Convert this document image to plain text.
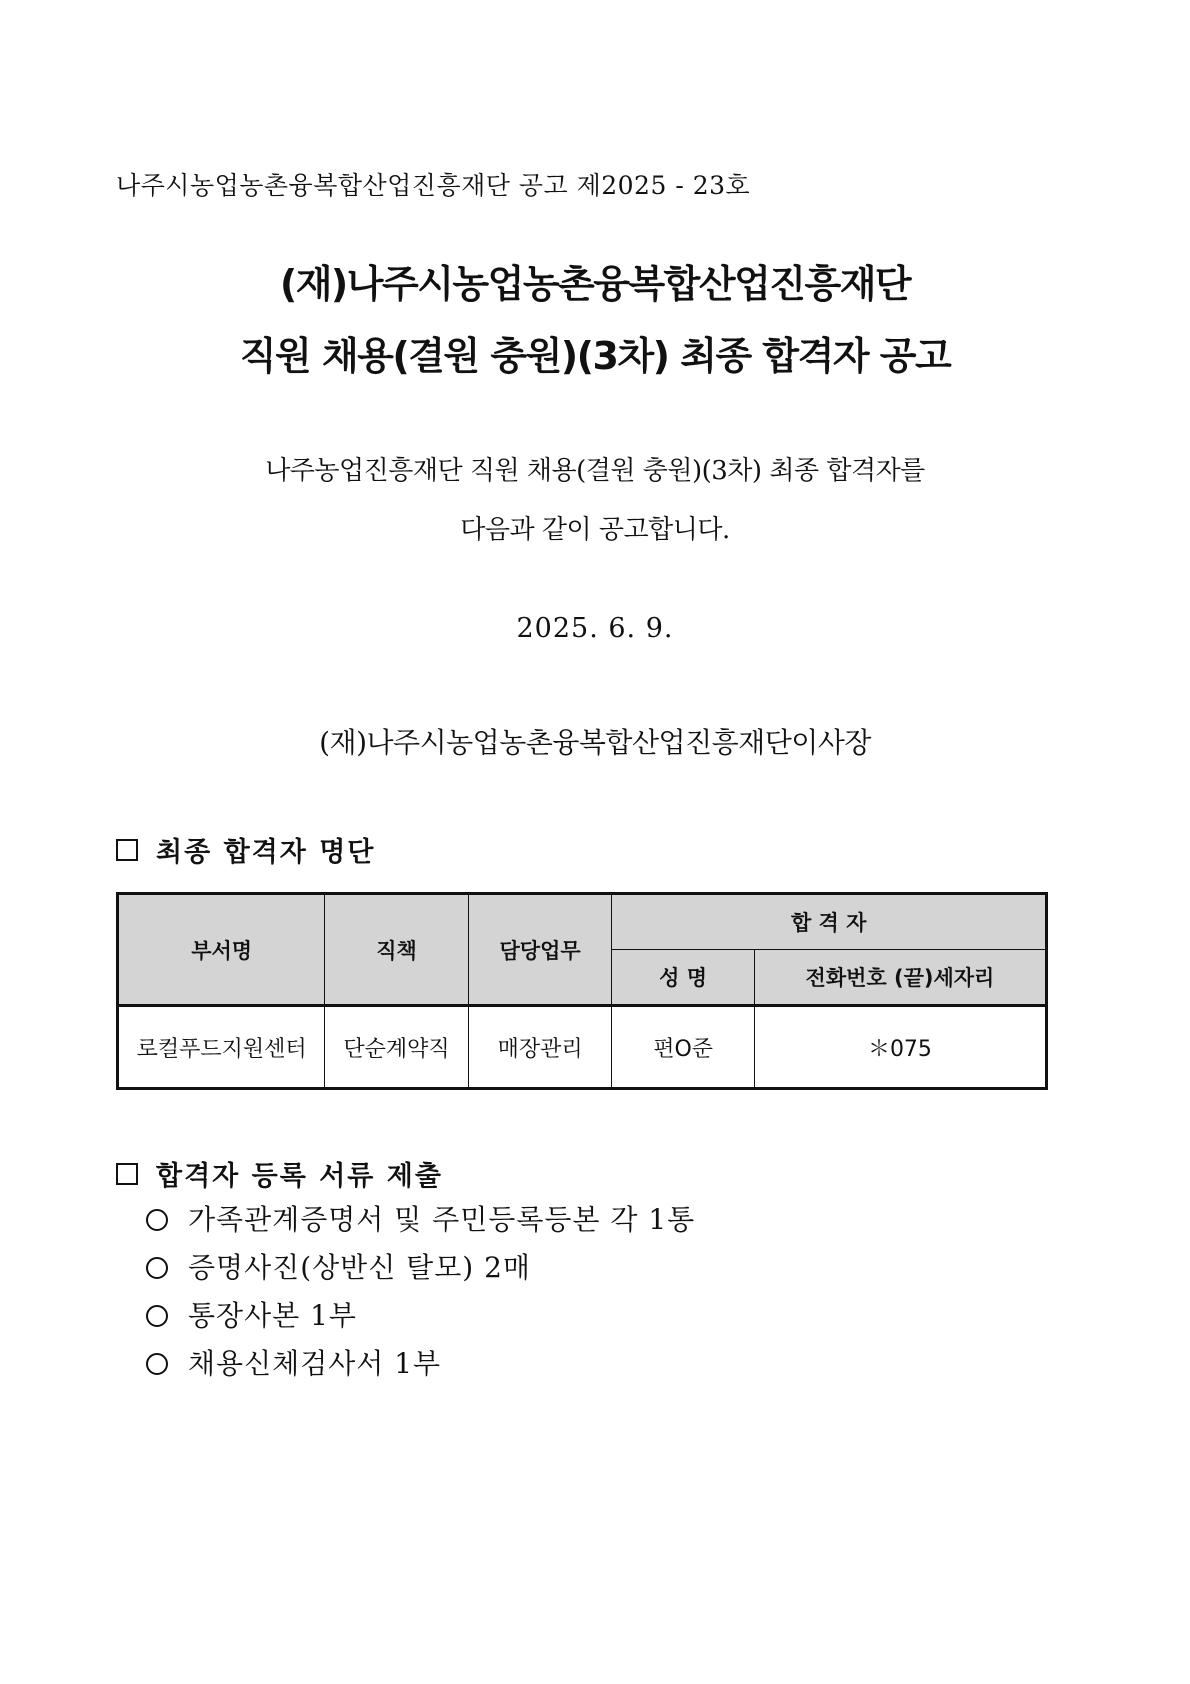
나주시농업농촌융복합산업진흥재단 공고 제2025 - 23호
(재)나주시농업농촌융복합산업진흥재단
직원 채용(결원 충원)(3차) 최종 합격자 공고
나주농업진흥재단 직원 채용(결원 충원)(3차) 최종 합격자를
다음과 같이 공고합니다.
2025. 6. 9.
(재)나주시농업농촌융복합산업진흥재단이사장
최종 합격자 명단
부서명	직책	담당업무	합 격 자	
			성 명	전화번호 (끝)세자리
로컬푸드지원센터	단순계약직	매장관리	편O준	＊075
합격자 등록 서류 제출
가족관계증명서 및 주민등록등본 각 1통
증명사진(상반신 탈모) 2매
통장사본 1부
채용신체검사서 1부
